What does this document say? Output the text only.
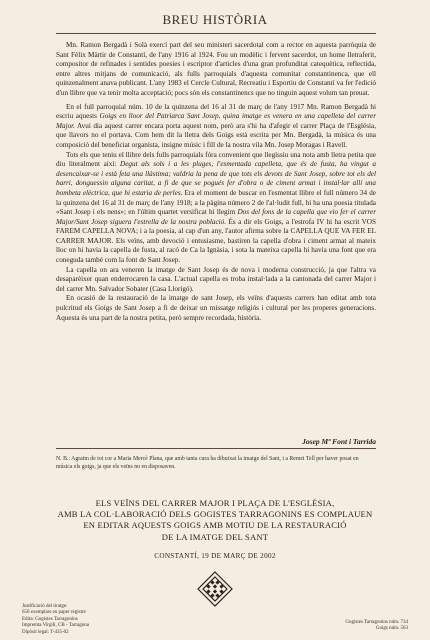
BREU HISTÒRIA

Mn. Ramon Bergadà i Solà exercí part del seu ministeri sacerdotal com a rector en aquesta parròquia de Sant Fèlix Màrtir de Constantí, de l'any 1916 al 1924. Fou un modèlic i fervent sacerdot, un home lletraferit, compositor de refinades i sentides poesies i escriptor d'articles d'una gran profunditat catequètica, reflectida, entre altres mitjans de comunicació, als fulls parroquials d'aquesta comunitat constantinenca, que ell quinzenalment anava publicant. L'any 1983 el Cercle Cultural, Recreatiu i Esportiu de Constantí va fer l'edició d'un llibre que va tenir molta acceptació; pocs són els constantinencs que no tinguin aquest volum tan preuat.

En el full parroquial núm. 10 de la quinzena del 16 al 31 de març de l'any 1917 Mn. Ramon Bergadà hi escriu aquests Goigs en lloor del Patriarca Sant Josep, quina imatge es venera en una capelleta del carrer Major. Avui dia aquest carrer encara porta aquest nom, però ara s'hi ha d'afegir el carrer Plaça de l'Església, que llavors no el portava. Com hem dit la lletra dels Goigs està escrita per Mn. Bergadà, la música és una composició del beneficiat organista, insigne músic i fill de la nostra vila Mn. Josep Moragas i Ravell.

Tots els que teniu el llibre dels fulls parroquials fóra convenient que llegíssiu una nota amb lletra petita que diu literalment així: Degut als sols i a les pluges, l'esmentada capelleta, que és de fusta, ha vingut a desencaixar-se i està feta una llàstima; valdria la pena de que tots els devots de Sant Josep, sobre tot els del barri, donguessin alguna caritat, a fi de que se pogués fer d'obra o de ciment armat i instal·lar allí una bombeta elèctrica, que hi estaria de perles. Era el moment de buscar en l'esmentat llibre el full número 34 de la quinzena del 16 al 31 de març de l'any 1918; a la pàgina número 2 de l'al·ludit full, hi ha una poesia titulada «Sant Josep i els nens»; en l'últim quartet versificat hi llegim Dos del fons de la capella que vio fer el carrer Major/Sant Josep siguera l'estrella de la nostra població. És a dir els Goigs, a l'estrofa IV hi ha escrit VOS FAREM CAPELLA NOVA; i a la poesia, al cap d'un any, l'autor afirma sobre la CAPELLA QUE VA FER EL CARRER MAJOR. Els veïns, amb devoció i entusiasme, bastiren la capella d'obra i ciment armat al mateix lloc on hi havia la capella de fusta, al racó de Ca la Ignàsia, i sota la mateixa capella hi havia una font que era coneguda també com la font de Sant Josep.

La capella on ara veneren la imatge de Sant Josep és de nova i moderna construcció, ja que l'altra va desaparèixer quan enderrocaren la casa. L'actual capella es troba instal·lada a la cantonada del carrer Major i del carrer Mn. Salvador Sobater (Casa Llorigó).

En ocasió de la restauració de la imatge de sant Josep, els veïns d'aquests carrers han editat amb tota pulcritud els Goigs de Sant Josep a fi de deixar un missatge religiós i cultural per les properes generacions. Aquesta és una part de la nostra petita, però sempre recordada, història.

Josep Mª Font i Tarrida
N. B.: Agraïm de tot cor a Maria Mercè Plana, que amb tanta cura ha dibuixat la imatge del Sant, i a Remei Tell per haver posat en música els goigs, ja que els veïns no en disposaven.
ELS VEÏNS DEL CARRER MAJOR I PLAÇA DE L'ESGLÉSIA,
AMB LA COL·LABORACIÓ DELS GOGISTES TARRAGONINS ES COMPLAUEN
EN EDITAR AQUESTS GOIGS AMB MOTIU DE LA RESTAURACIÓ
DE LA IMATGE DEL SANT
CONSTANTÍ, 19 DE MARÇ DE 2002
Justificació del tiratge:
650 exemplars en paper registre
Edita: Gogistes Tarragonins
Impremta Virgili, CB - Tarragona
Dipòsit legal: T-435-02
Gogistes Tarragonins núm. 734
Goigs núm. 563
